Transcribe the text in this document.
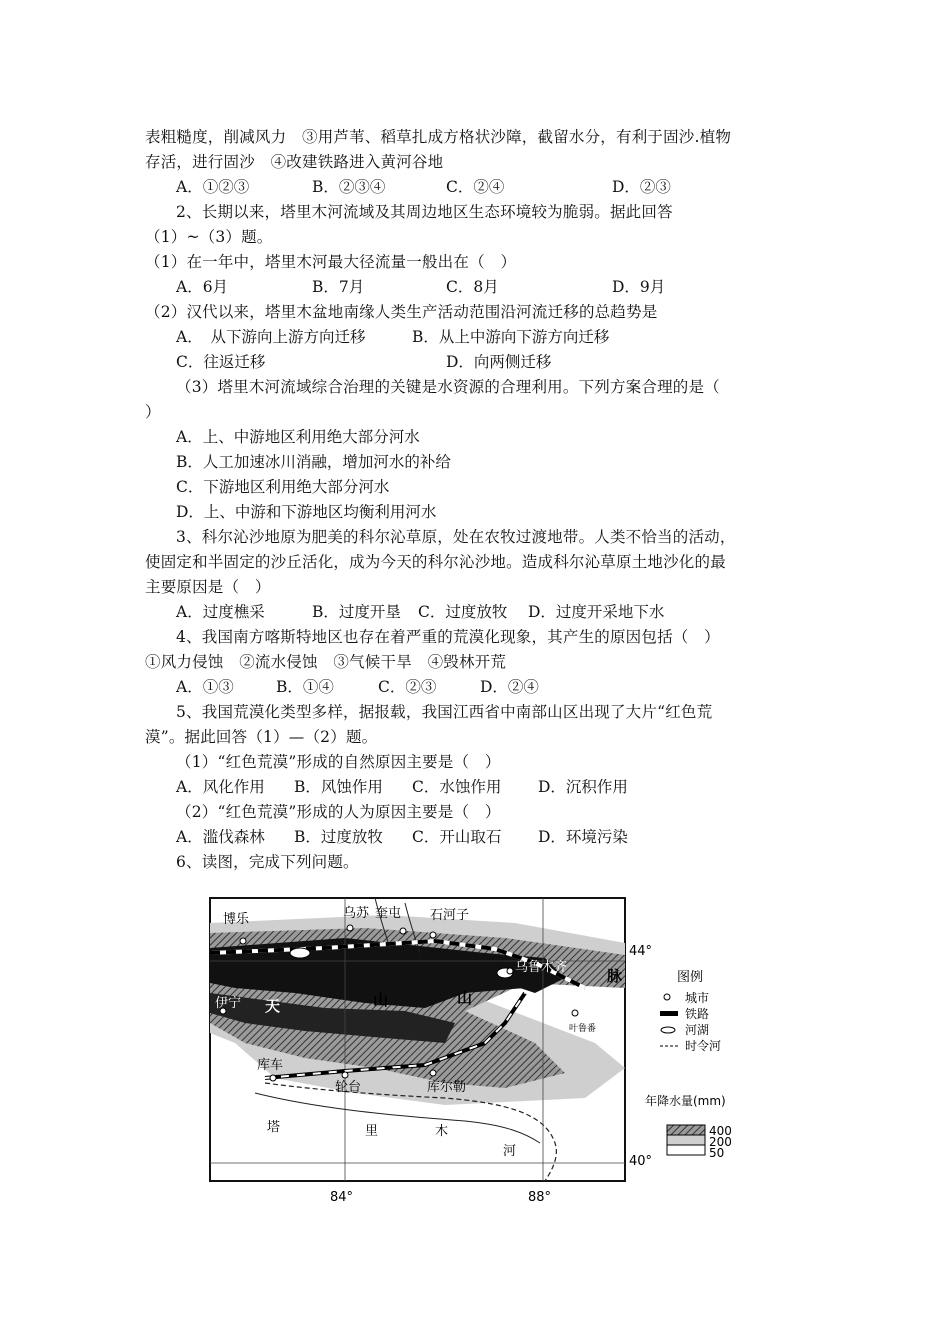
表粗糙度，削减风力　③用芦苇、稻草扎成方格状沙障，截留水分，有利于固沙.植物
存活，进行固沙　④改建铁路进入黄河谷地
A．①②③	B．②③④	C．②④	D．②③
2、长期以来，塔里木河流域及其周边地区生态环境较为脆弱。据此回答
（1）~（3）题。
（1）在一年中，塔里木河最大径流量一般出在（　）
A．6月	B．7月	C．8月	D．9月
（2）汉代以来，塔里木盆地南缘人类生产活动范围沿河流迁移的总趋势是
A．　从下游向上游方向迁移	B．从上中游向下游方向迁移
C．往返迁移	D．向两侧迁移
（3）塔里木河流域综合治理的关键是水资源的合理利用。下列方案合理的是（
）
A．上、中游地区利用绝大部分河水
B．人工加速冰川消融，增加河水的补给
C．下游地区利用绝大部分河水
D．上、中游和下游地区均衡利用河水
3、科尔沁沙地原为肥美的科尔沁草原，处在农牧过渡地带。人类不恰当的活动，
使固定和半固定的沙丘活化，成为今天的科尔沁沙地。造成科尔沁草原土地沙化的最
主要原因是（　）
A．过度樵采	B．过度开垦 C．过度放牧 D．过度开采地下水
4、我国南方喀斯特地区也存在着严重的荒漠化现象，其产生的原因包括（　）
①风力侵蚀　②流水侵蚀　③气候干旱　④毁林开荒
A．①③	B．①④	C．②③	D．②④
5、我国荒漠化类型多样，据报载，我国江西省中南部山区出现了大片“红色荒
漠”。据此回答（1）—（2）题。
（1）“红色荒漠”形成的自然原因主要是（　）
A．风化作用 B．风蚀作用 C．水蚀作用 D．沉积作用
（2）“红色荒漠”形成的人为原因主要是（　）
A．滥伐森林 B．过度放牧 C．开山取石 D．环境污染
6、读图，完成下列问题。
博乐	乌苏 奎屯 石河子
乌鲁木齐
伊宁
库车
轮台	库尔勒
叶鲁番
天	山	山
脉
塔	里	木
河
44°
40°
84°	88°
图例
城市
铁路
河湖
时令河
年降水量(mm)
400
200
50
